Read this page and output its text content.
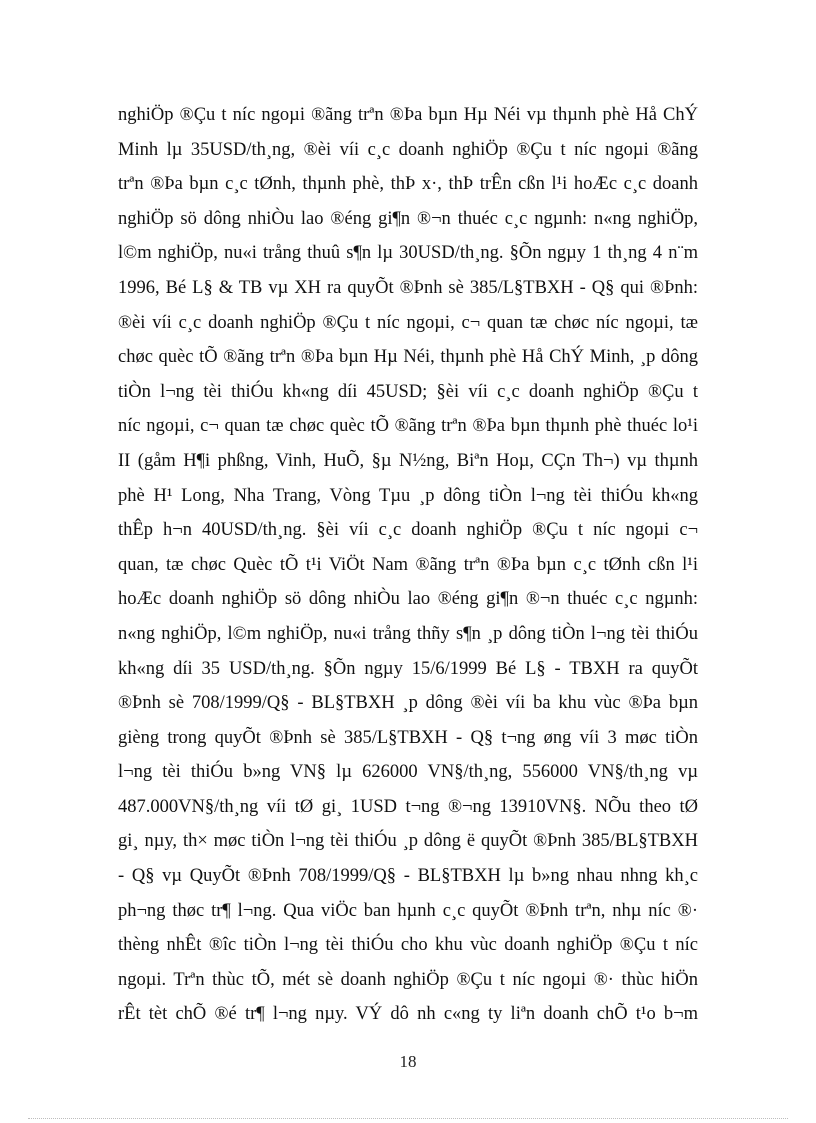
nghiÖp ®Çu t níc ngoµi ®ãng trªn ®Þa bµn Hµ Néi vµ thµnh phè Hå ChÝ
Minh lµ 35USD/th¸ng, ®èi víi c¸c doanh nghiÖp ®Çu t níc ngoµi ®ãng
trªn ®Þa bµn c¸c tØnh, thµnh phè, thÞ x·, thÞ trÊn cßn l¹i hoÆc c¸c doanh
nghiÖp sö dông nhiÒu lao ®éng gi¶n ®¬n thuéc c¸c ngµnh: n«ng nghiÖp,
l©m nghiÖp, nu«i trång thuû s¶n lµ 30USD/th¸ng. §Õn ngµy 1 th¸ng 4 n¨m
1996, Bé L§ & TB vµ XH ra quyÕt ®Þnh sè 385/L§TBXH - Q§ qui ®Þnh:
®èi víi c¸c doanh nghiÖp ®Çu t níc ngoµi, c¬ quan tæ chøc níc ngoµi, tæ
chøc quèc tÕ ®ãng trªn ®Þa bµn Hµ Néi, thµnh phè Hå ChÝ Minh, ¸p dông
tiÒn l¬ng tèi thiÓu kh«ng díi 45USD; §èi víi c¸c doanh nghiÖp ®Çu t
níc ngoµi, c¬ quan tæ chøc quèc tÕ ®ãng trªn ®Þa bµn thµnh phè thuéc lo¹i
II (gåm H¶i phßng, Vinh, HuÕ, §µ N½ng, Biªn Hoµ, CÇn Th¬) vµ thµnh
phè H¹ Long, Nha Trang, Vòng Tµu ¸p dông tiÒn l¬ng tèi thiÓu kh«ng
thÊp h¬n 40USD/th¸ng. §èi víi c¸c doanh nghiÖp ®Çu t níc ngoµi c¬
quan, tæ chøc Quèc tÕ t¹i ViÖt Nam ®ãng trªn ®Þa bµn c¸c tØnh cßn l¹i
hoÆc doanh nghiÖp sö dông nhiÒu lao ®éng gi¶n ®¬n thuéc c¸c ngµnh:
n«ng nghiÖp, l©m nghiÖp, nu«i trång thñy s¶n ¸p dông tiÒn l¬ng tèi thiÓu
kh«ng díi 35 USD/th¸ng. §Õn ngµy 15/6/1999 Bé L§ - TBXH ra quyÕt
®Þnh sè 708/1999/Q§ - BL§TBXH ¸p dông ®èi víi ba khu vùc ®Þa bµn
gièng trong quyÕt ®Þnh sè 385/L§TBXH - Q§ t¬ng øng víi 3 møc tiÒn
l¬ng tèi thiÓu b»ng VN§ lµ 626000 VN§/th¸ng, 556000 VN§/th¸ng vµ
487.000VN§/th¸ng víi tØ gi¸ 1USD t¬ng ®¬ng 13910VN§. NÕu theo tØ
gi¸ nµy, th× møc tiÒn l¬ng tèi thiÓu ¸p dông ë quyÕt ®Þnh 385/BL§TBXH
- Q§ vµ QuyÕt ®Þnh 708/1999/Q§ - BL§TBXH lµ b»ng nhau nhng kh¸c
ph¬ng thøc tr¶ l¬ng. Qua viÖc ban hµnh c¸c quyÕt ®Þnh trªn, nhµ níc ®·
thèng nhÊt ®îc tiÒn l¬ng tèi thiÓu cho khu vùc doanh nghiÖp ®Çu t níc
ngoµi. Trªn thùc tÕ, mét sè doanh nghiÖp ®Çu t níc ngoµi ®· thùc hiÖn
rÊt tèt chÕ ®é tr¶ l¬ng nµy. VÝ dô nh c«ng ty liªn doanh chÕ t¹o b¬m
18
